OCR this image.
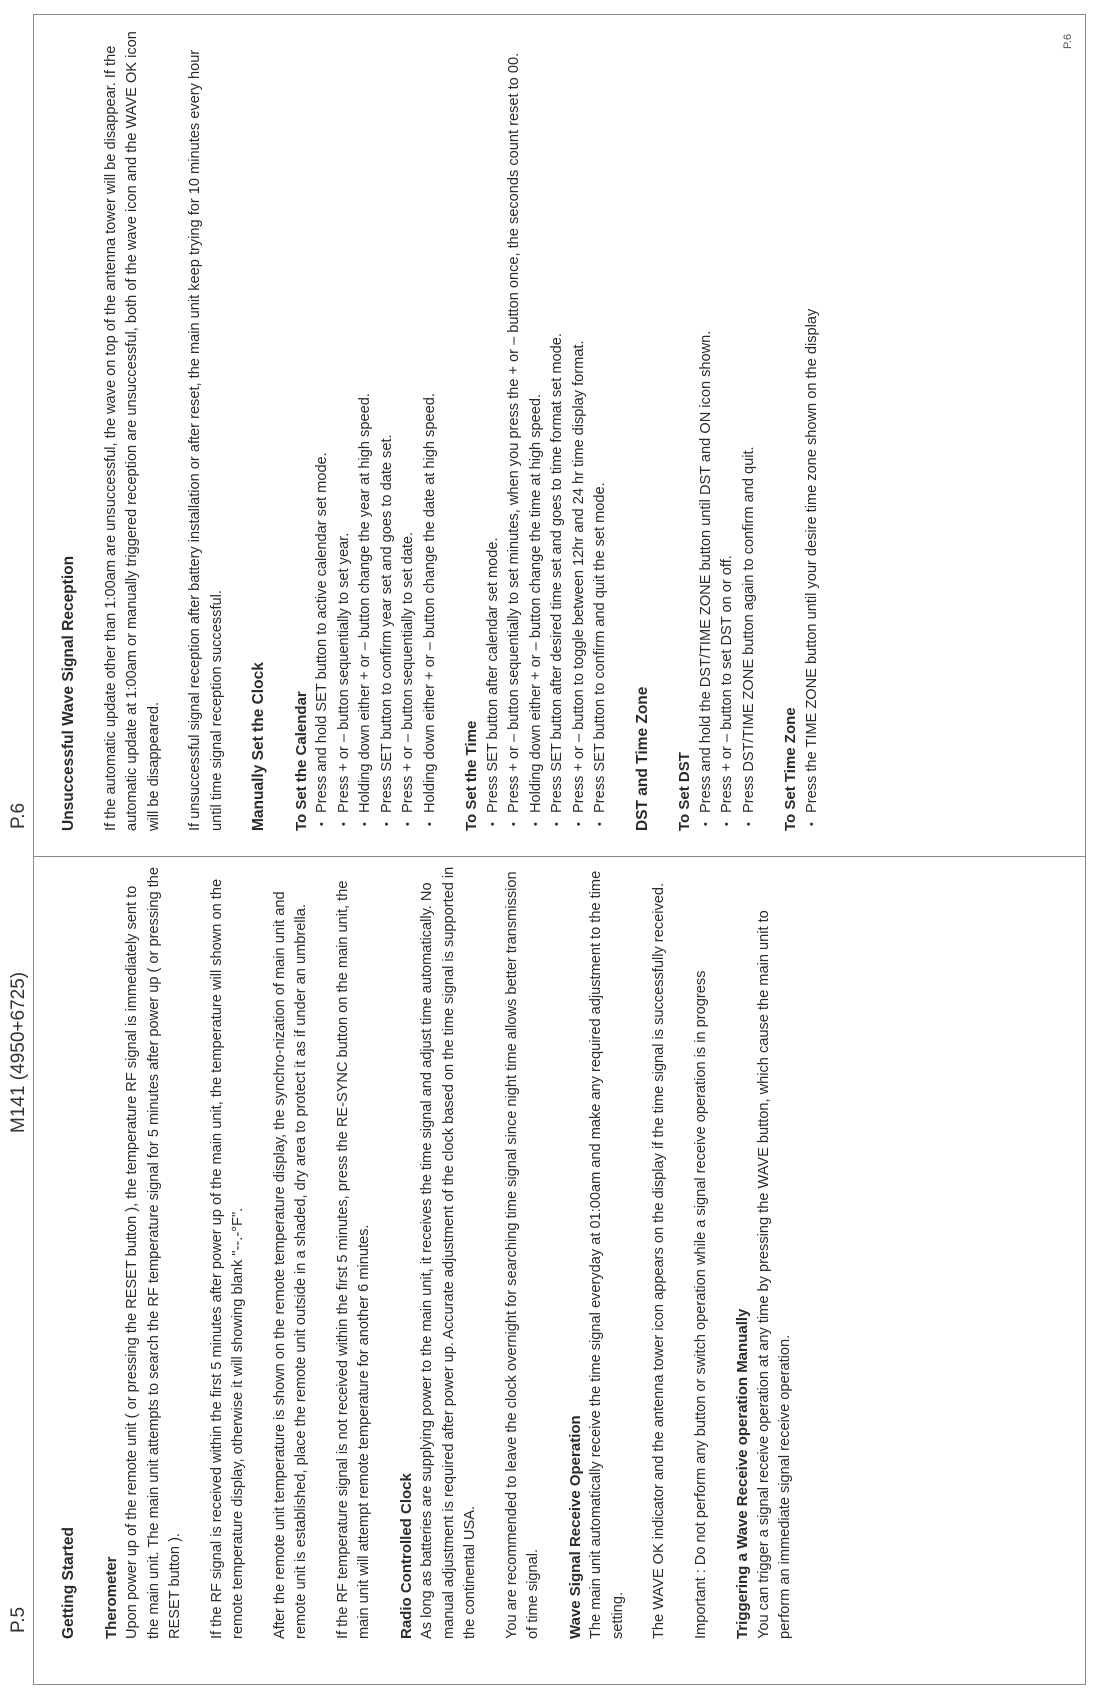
P.5
M141 (4950+6725)
P.6
P.6
Getting Started Therometer Upon power up of the remote unit ( or pressing the RESET button ), the temperature RF signal is immediately sent to the main unit. The main unit attempts to search the RF temperature signal for 5 minutes after power up ( or pressing the RESET button ). If the RF signal is received within the first 5 minutes after power up of the main unit, the temperature will shown on the remote temperature display, otherwise it will showing blank "--.-°F". After the remote unit temperature is shown on the remote temperature display, the synchro-nization of main unit and remote unit is established, place the remote unit outside in a shaded, dry area to protect it as if under an umbrella. If the RF temperature signal is not received within the first 5 minutes, press the RE-SYNC button on the main unit, the main unit will attempt remote temperature for another 6 minutes. Radio Controlled Clock As long as batteries are supplying power to the main unit, it receives the time signal and adjust time automatically. No manual adjustment is required after power up. Accurate adjustment of the clock based on the time signal is supported in the continental USA. You are recommended to leave the clock overnight for searching time signal since night time allows better transmission of time signal. Wave Signal Receive Operation The main unit automatically receive the time signal everyday at 01:00am and make any required adjustment to the time setting. The WAVE OK indicator and the antenna tower icon appears on the display if the time signal is successfully received. Important : Do not perform any button or switch operation while a signal receive operation is in progress Triggering a Wave Receive operation Manually You can trigger a signal receive operation at any time by pressing the WAVE button, which cause the main unit to perform an immediate signal receive operation.
Unsuccessful Wave Signal Reception If the automatic update other than 1:00am are unsuccessful, the wave on top of the antenna tower will be disappear. If the automatic update at 1:00am or manually triggered reception are unsuccessful, both of the wave icon and the WAVE OK icon will be disappeared. If unsuccessful signal reception after battery installation or after reset, the main unit keep trying for 10 minutes every hour until time signal reception successful. Manually Set the Clock To Set the Calendar • Press and hold SET button to active calendar set mode. • Press + or – button sequentially to set year. • Holding down either + or – button change the year at high speed. • Press SET button to confirm year set and goes to date set. • Press + or – button sequentially to set date. • Holding down either + or – button change the date at high speed. To Set the Time • Press SET button after calendar set mode. • Press + or – button sequentially to set minutes, when you press the + or – button once, the seconds count reset to 00. • Holding down either + or – button change the time at high speed. • Press SET button after desired time set and goes to time format set mode. • Press + or – button to toggle between 12hr and 24 hr time display format. • Press SET button to confirm and quit the set mode. DST and Time Zone To Set DST • Press and hold the DST/TIME ZONE button until DST and ON icon shown. • Press + or – button to set DST on or off. • Press DST/TIME ZONE button again to confirm and quit. To Set Time Zone • Press the TIME ZONE button until your desire time zone shown on the display
